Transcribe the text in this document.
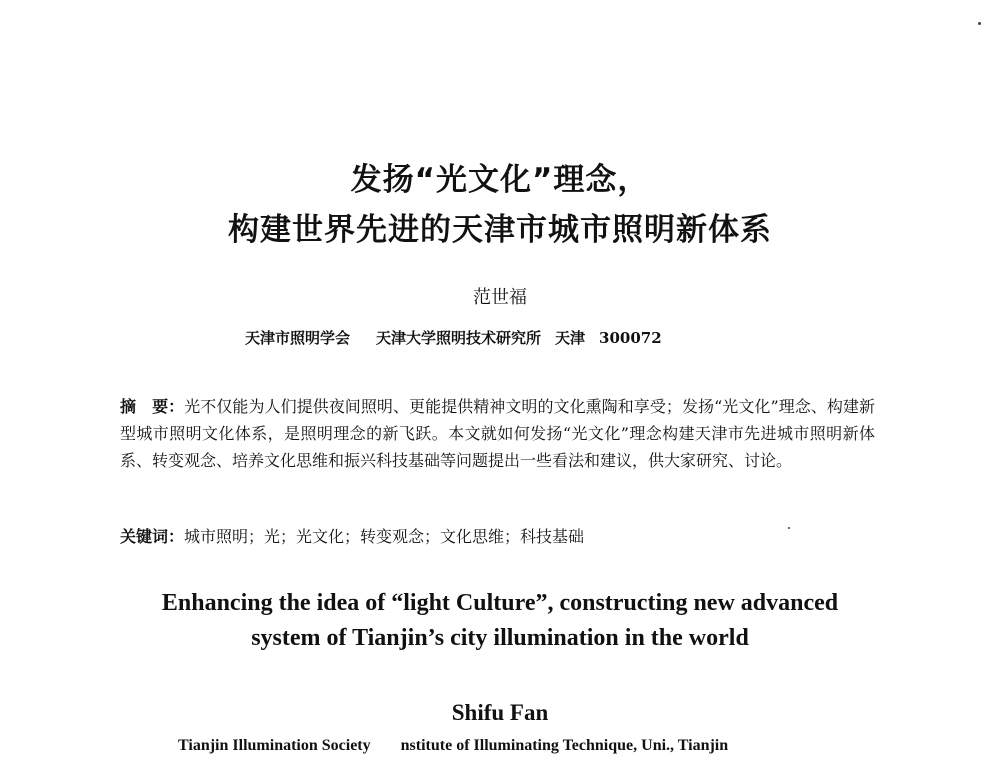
发扬“光文化”理念，
构建世界先进的天津市城市照明新体系
范世福
天津市照明学会 天津大学照明技术研究所 天津 300072
摘　要：光不仅能为人们提供夜间照明、更能提供精神文明的文化熏陶和享受；发扬“光文化”理念、构建新型城市照明文化体系，是照明理念的新飞跃。本文就如何发扬“光文化”理念构建天津市先进城市照明新体系、转变观念、培养文化思维和振兴科技基础等问题提出一些看法和建议，供大家研究、讨论。
关键词：城市照明；光；光文化；转变观念；文化思维；科技基础
Enhancing the idea of “light Culture”, constructing new advanced
system of Tianjin’s city illumination in the world
Shifu Fan
Tianjin Illumination Society nstitute of Illuminating Technique, Uni., Tianjin
